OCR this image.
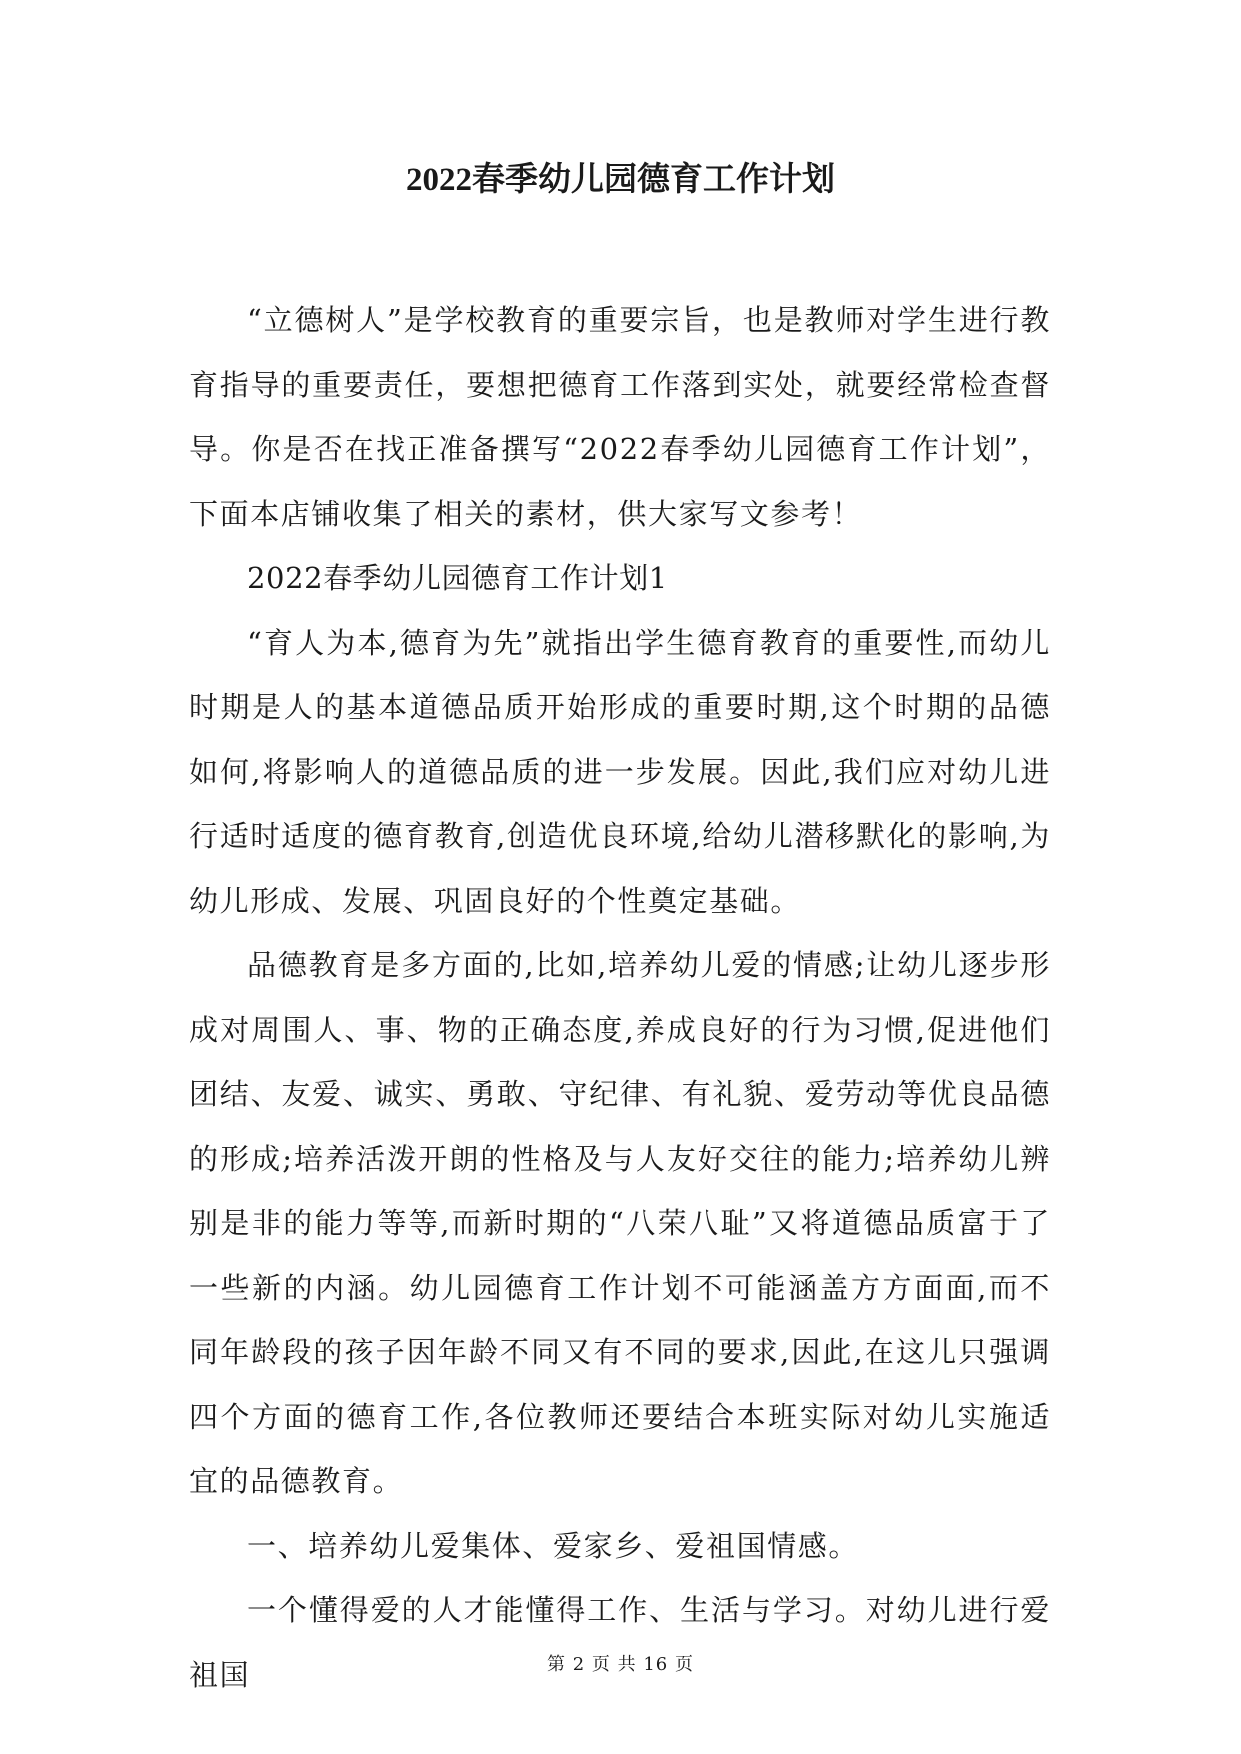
2022春季幼儿园德育工作计划

“立德树人”是学校教育的重要宗旨，也是教师对学生进行教育指导的重要责任，要想把德育工作落到实处，就要经常检查督导。你是否在找正准备撰写“2022春季幼儿园德育工作计划”，下面本店铺收集了相关的素材，供大家写文参考！

2022春季幼儿园德育工作计划1

“育人为本,德育为先”就指出学生德育教育的重要性,而幼儿时期是人的基本道德品质开始形成的重要时期,这个时期的品德如何,将影响人的道德品质的进一步发展。因此,我们应对幼儿进行适时适度的德育教育,创造优良环境,给幼儿潜移默化的影响,为幼儿形成、发展、巩固良好的个性奠定基础。

品德教育是多方面的,比如,培养幼儿爱的情感;让幼儿逐步形成对周围人、事、物的正确态度,养成良好的行为习惯,促进他们团结、友爱、诚实、勇敢、守纪律、有礼貌、爱劳动等优良品德的形成;培养活泼开朗的性格及与人友好交往的能力;培养幼儿辨别是非的能力等等,而新时期的“八荣八耻”又将道德品质富于了一些新的内涵。幼儿园德育工作计划不可能涵盖方方面面,而不同年龄段的孩子因年龄不同又有不同的要求,因此,在这儿只强调四个方面的德育工作,各位教师还要结合本班实际对幼儿实施适宜的品德教育。

一、培养幼儿爱集体、爱家乡、爱祖国情感。

一个懂得爱的人才能懂得工作、生活与学习。对幼儿进行爱祖国	第 2 页 共 16 页
